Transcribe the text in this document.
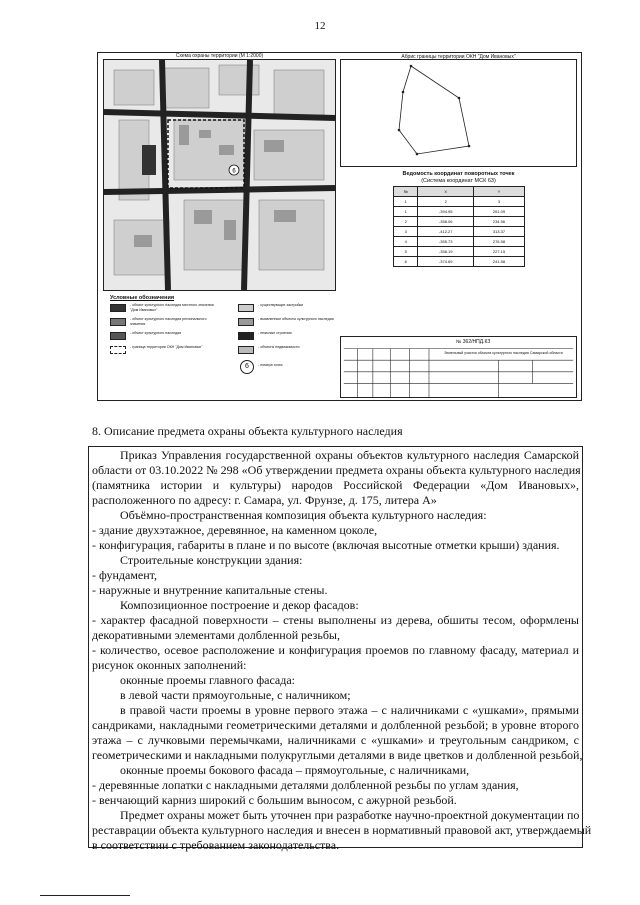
12
Схема охраны территории (М 1:2000)
6
Абрис границы территории ОКН "Дом Ивановых"
Ведомость координат поворотных точек
(Система координат МСК 63)
№	X	Y
1	2	3
1	-394.95	261.09
2	-358.06	234.56
3	-412.27	313.37
4	-355.73	276.58
5	-358.19	227.15
6	-374.69	241.58
Условные обозначения
- объект культурного наследия местного значения "Дом Ивановых"
- объект культурного наследия регионального значения
- объект культурного наследия
- граница территории ОКН "Дом Ивановых"
- существующие застройки
- выявленные объекты культурного наследия
- нежилые строения
- объекты недвижимости
6	- номера точек
№ 362/НПД.КЗ
Земельный участок объекта культурного наследия Самарской области
8. Описание предмета охраны объекта культурного наследия
Приказ Управления государственной охраны объектов культурного наследия Самарской
области от 03.10.2022 № 298 «Об утверждении предмета охраны объекта культурного наследия
(памятника истории и культуры) народов Российской Федерации «Дом Ивановых»,
расположенного по адресу: г. Самара, ул. Фрунзе, д. 175, литера А»
Объёмно-пространственная композиция объекта культурного наследия:
- здание двухэтажное, деревянное, на каменном цоколе,
- конфигурация, габариты в плане и по высоте (включая высотные отметки крыши) здания.
Строительные конструкции здания:
- фундамент,
- наружные и внутренние капитальные стены.
Композиционное построение и декор фасадов:
- характер фасадной поверхности – стены выполнены из дерева, обшиты тесом, оформлены
декоративными элементами долбленной резьбы,
- количество, осевое расположение и конфигурация проемов по главному фасаду, материал и
рисунок оконных заполнений:
оконные проемы главного фасада:
в левой части прямоугольные, с наличником;
в правой части проемы в уровне первого этажа – с наличниками с «ушками», прямыми
сандриками, накладными геометрическими деталями и долбленной резьбой; в уровне второго
этажа – с лучковыми перемычками, наличниками с «ушками» и треугольным сандриком, с
геометрическими и накладными полукруглыми деталями в виде цветков и долбленной резьбой,
оконные проемы бокового фасада – прямоугольные, с наличниками,
- деревянные лопатки с накладными деталями долбленной резьбы по углам здания,
- венчающий карниз широкий с большим выносом, с ажурной резьбой.
Предмет охраны может быть уточнен при разработке научно-проектной документации по
реставрации объекта культурного наследия и внесен в нормативный правовой акт, утверждаемый
в соответствии с требованием законодательства.
